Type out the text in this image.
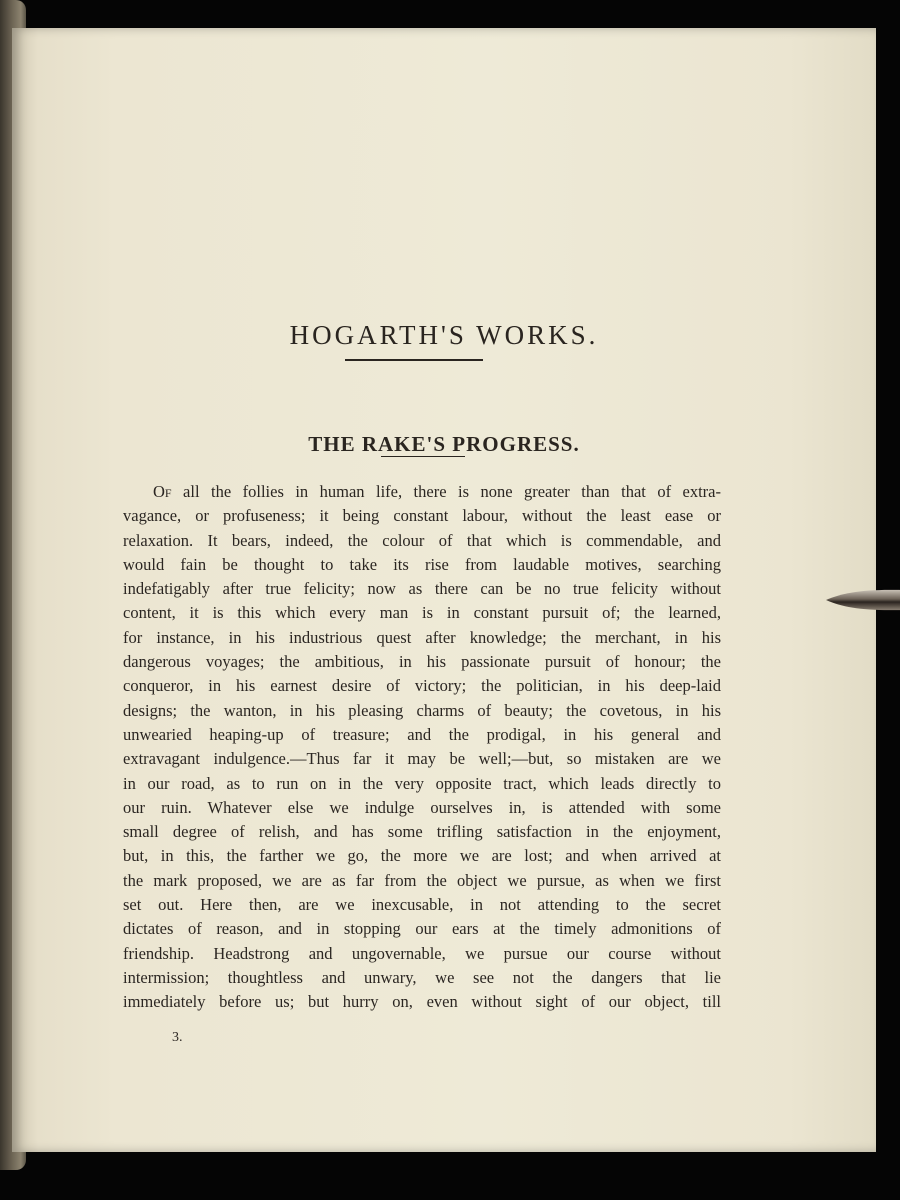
HOGARTH'S WORKS.
THE RAKE'S PROGRESS.
Of all the follies in human life, there is none greater than that of extra-
vagance, or profuseness; it being constant labour, without the least ease or
relaxation. It bears, indeed, the colour of that which is commendable, and
would fain be thought to take its rise from laudable motives, searching
indefatigably after true felicity; now as there can be no true felicity without
content, it is this which every man is in constant pursuit of; the learned,
for instance, in his industrious quest after knowledge; the merchant, in his
dangerous voyages; the ambitious, in his passionate pursuit of honour; the
conqueror, in his earnest desire of victory; the politician, in his deep-laid
designs; the wanton, in his pleasing charms of beauty; the covetous, in his
unwearied heaping-up of treasure; and the prodigal, in his general and
extravagant indulgence.—Thus far it may be well;—but, so mistaken are we
in our road, as to run on in the very opposite tract, which leads directly to
our ruin. Whatever else we indulge ourselves in, is attended with some
small degree of relish, and has some trifling satisfaction in the enjoyment,
but, in this, the farther we go, the more we are lost; and when arrived at
the mark proposed, we are as far from the object we pursue, as when we first
set out. Here then, are we inexcusable, in not attending to the secret
dictates of reason, and in stopping our ears at the timely admonitions of
friendship. Headstrong and ungovernable, we pursue our course without
intermission; thoughtless and unwary, we see not the dangers that lie
immediately before us; but hurry on, even without sight of our object, till
3.
